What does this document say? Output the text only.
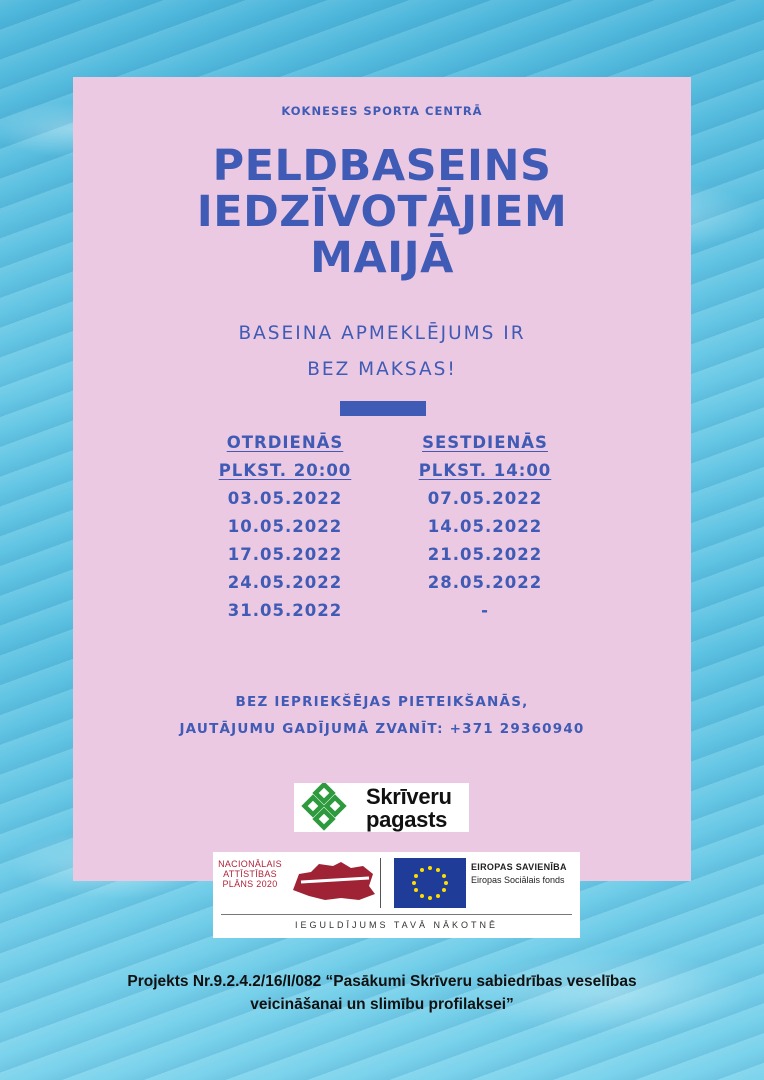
KOKNESES SPORTA CENTRĀ
PELDBASEINS
IEDZĪVOTĀJIEM
MAIJĀ
BASEINA APMEKLĒJUMS IR
BEZ MAKSAS!
OTRDIENĀS
PLKST. 20:00
03.05.2022
10.05.2022
17.05.2022
24.05.2022
31.05.2022
SESTDIENĀS
PLKST. 14:00
07.05.2022
14.05.2022
21.05.2022
28.05.2022
-
BEZ IEPRIEKŠĒJAS PIETEIKŠANĀS,
JAUTĀJUMU GADĪJUMĀ ZVANĪT: +371 29360940
Skrīveru
pagasts
NACIONĀLAIS
ATTĪSTĪBAS
PLĀNS 2020
EIROPAS SAVIENĪBA
Eiropas Sociālais fonds
IEGULDĪJUMS TAVĀ NĀKOTNĒ
Projekts Nr.9.2.4.2/16/I/082 “Pasākumi Skrīveru sabiedrības veselības
veicināšanai un slimību profilaksei”
